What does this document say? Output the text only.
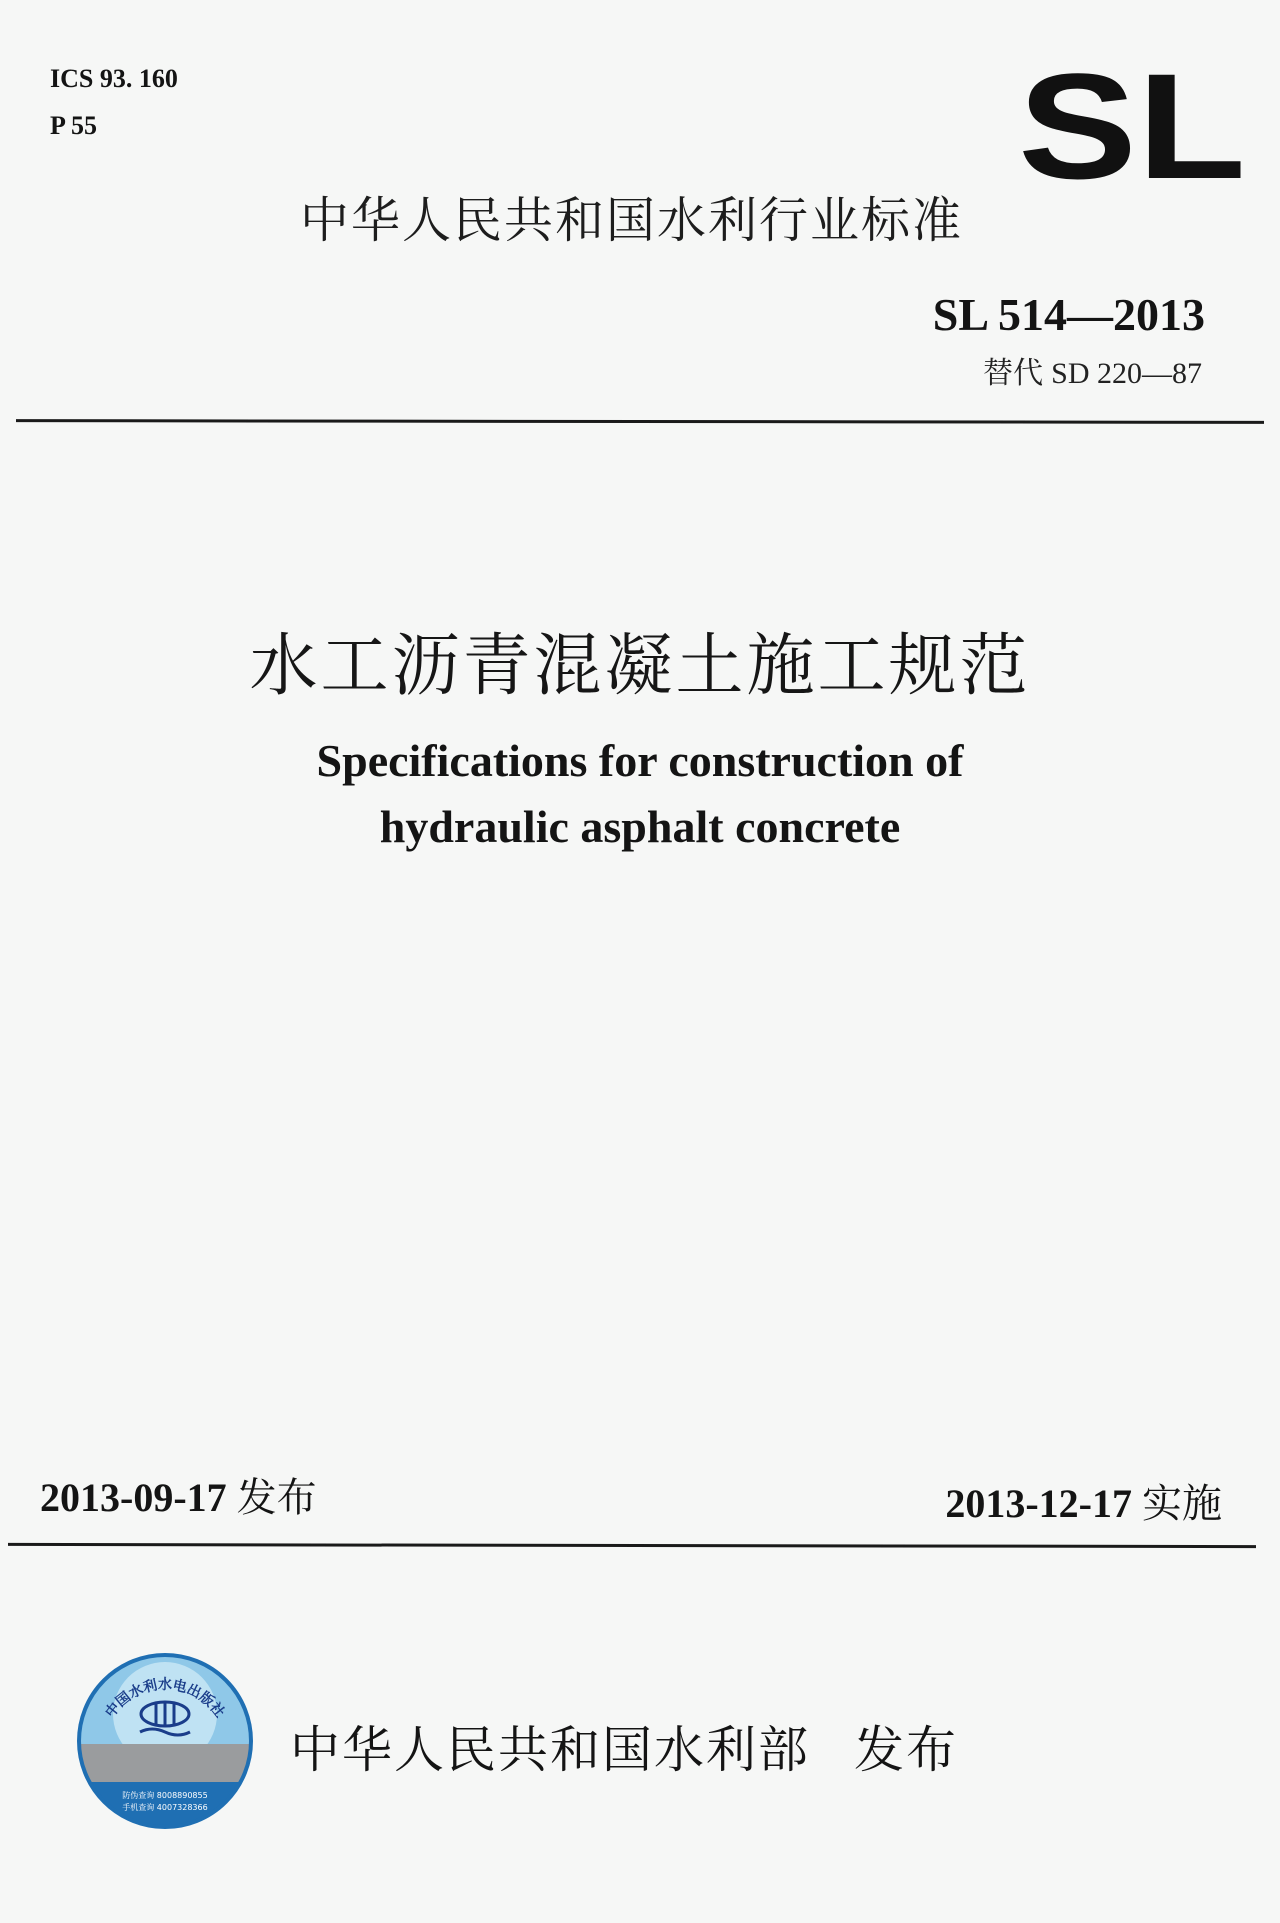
ICS 93. 160
P 55	SL
中华人民共和国水利行业标准
SL 514—2013
替代 SD 220—87
水工沥青混凝土施工规范
Specifications for construction of
hydraulic asphalt concrete
2013-09-17 发布	2013-12-17 实施
中国水利水电出版社
防伪查询 8008890855
手机查询 4007328366
中华人民共和国水利部 发布
